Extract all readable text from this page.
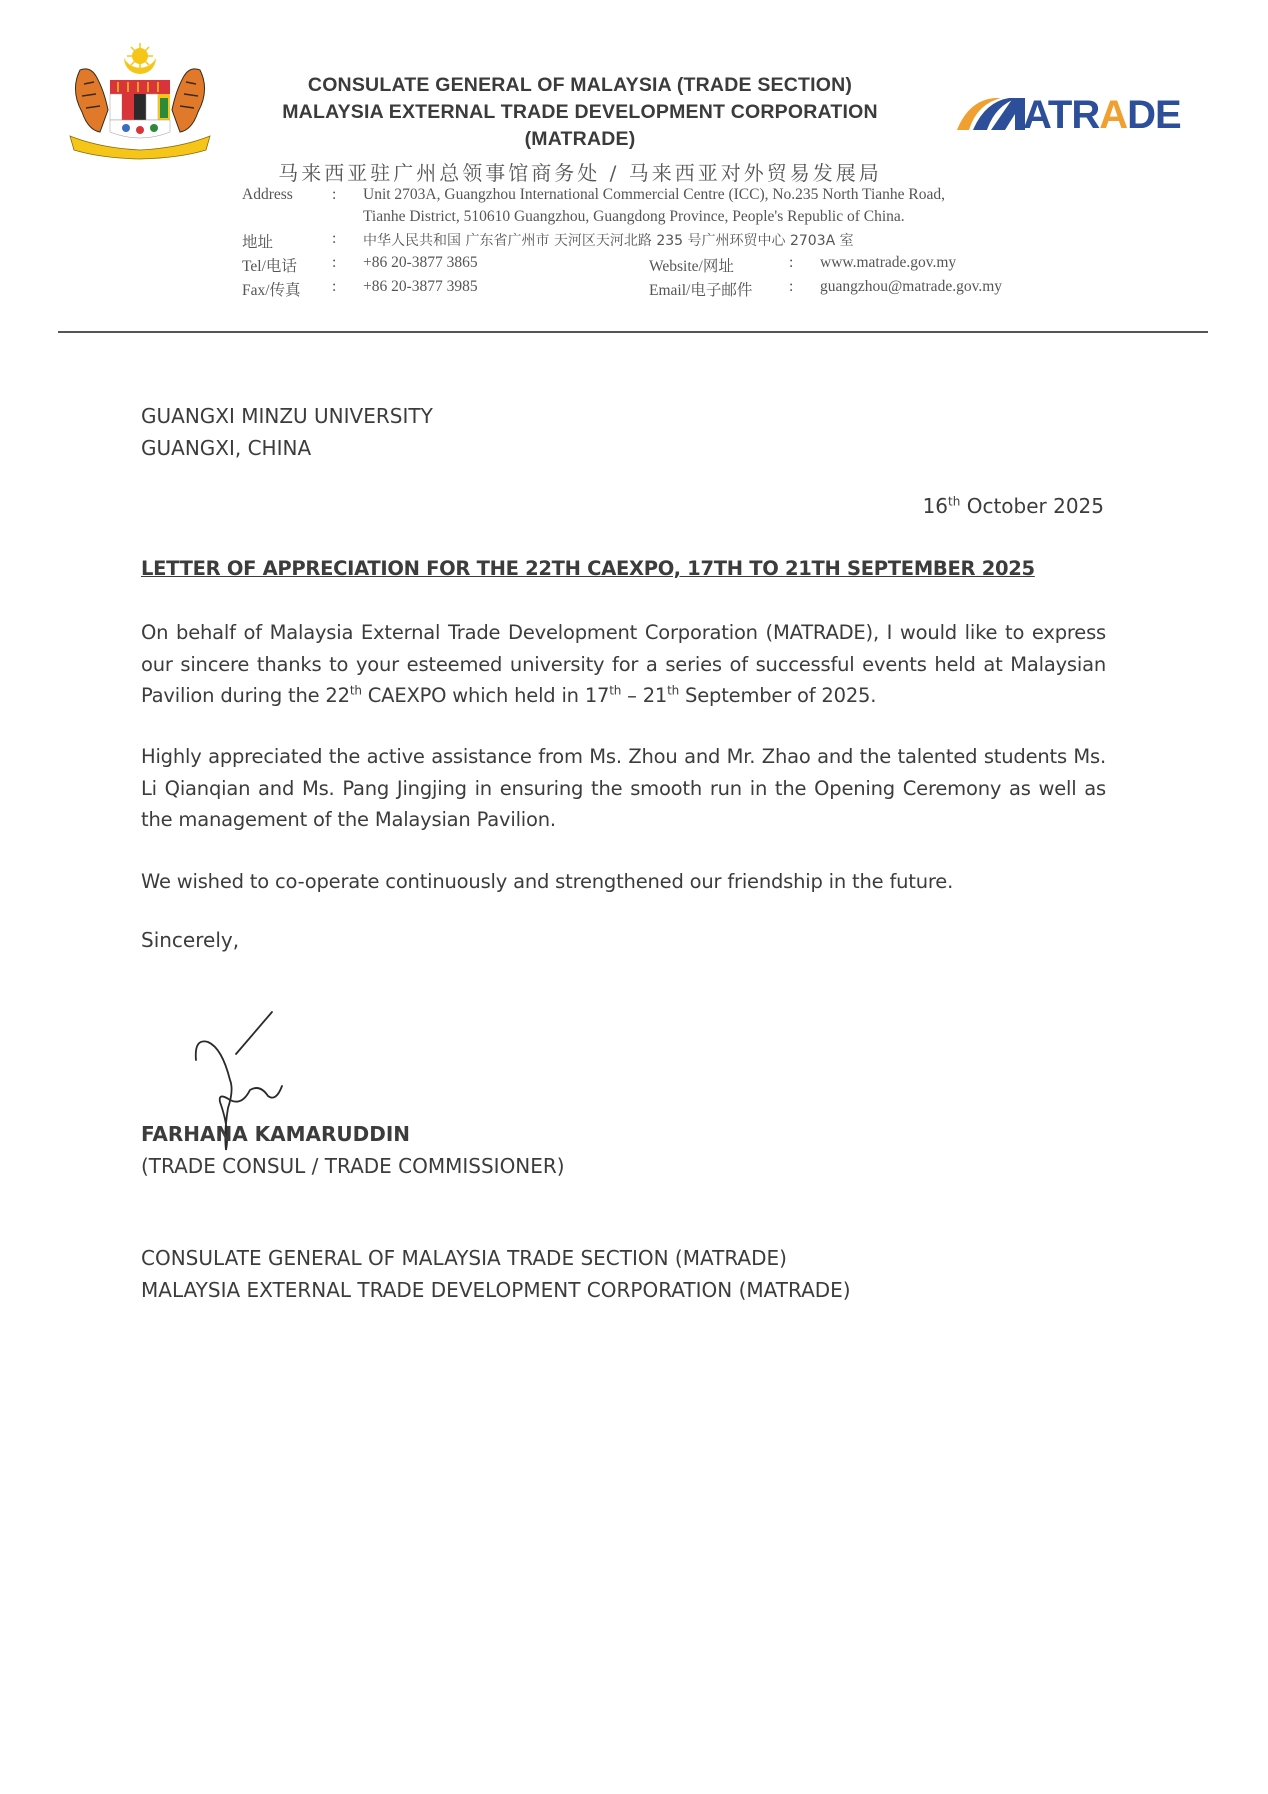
CONSULATE GENERAL OF MALAYSIA (TRADE SECTION)
MALAYSIA EXTERNAL TRADE DEVELOPMENT CORPORATION
(MATRADE)
马来西亚驻广州总领事馆商务处 / 马来西亚对外贸易发展局
ATRADE
Address	: Unit 2703A, Guangzhou International Commercial Centre (ICC), No.235 North Tianhe Road,
Tianhe District, 510610 Guangzhou, Guangdong Province, People's Republic of China.
地址	: 中华人民共和国 广东省广州市 天河区天河北路 235 号广州环贸中心 2703A 室
Tel/电话 : +86 20-3877 3865	Website/网址	: www.matrade.gov.my
Fax/传真 : +86 20-3877 3985	Email/电子邮件 : guangzhou@matrade.gov.my
GUANGXI MINZU UNIVERSITY
GUANGXI, CHINA
16th October 2025
LETTER OF APPRECIATION FOR THE 22TH CAEXPO, 17TH TO 21TH SEPTEMBER 2025
On behalf of Malaysia External Trade Development Corporation (MATRADE), I would like to express our sincere thanks to your esteemed university for a series of successful events held at Malaysian Pavilion during the 22th CAEXPO which held in 17th – 21th September of 2025.
Highly appreciated the active assistance from Ms. Zhou and Mr. Zhao and the talented students Ms. Li Qianqian and Ms. Pang Jingjing in ensuring the smooth run in the Opening Ceremony as well as the management of the Malaysian Pavilion.
We wished to co-operate continuously and strengthened our friendship in the future.
Sincerely,
FARHANA KAMARUDDIN
(TRADE CONSUL / TRADE COMMISSIONER)
CONSULATE GENERAL OF MALAYSIA TRADE SECTION (MATRADE)
MALAYSIA EXTERNAL TRADE DEVELOPMENT CORPORATION (MATRADE)
